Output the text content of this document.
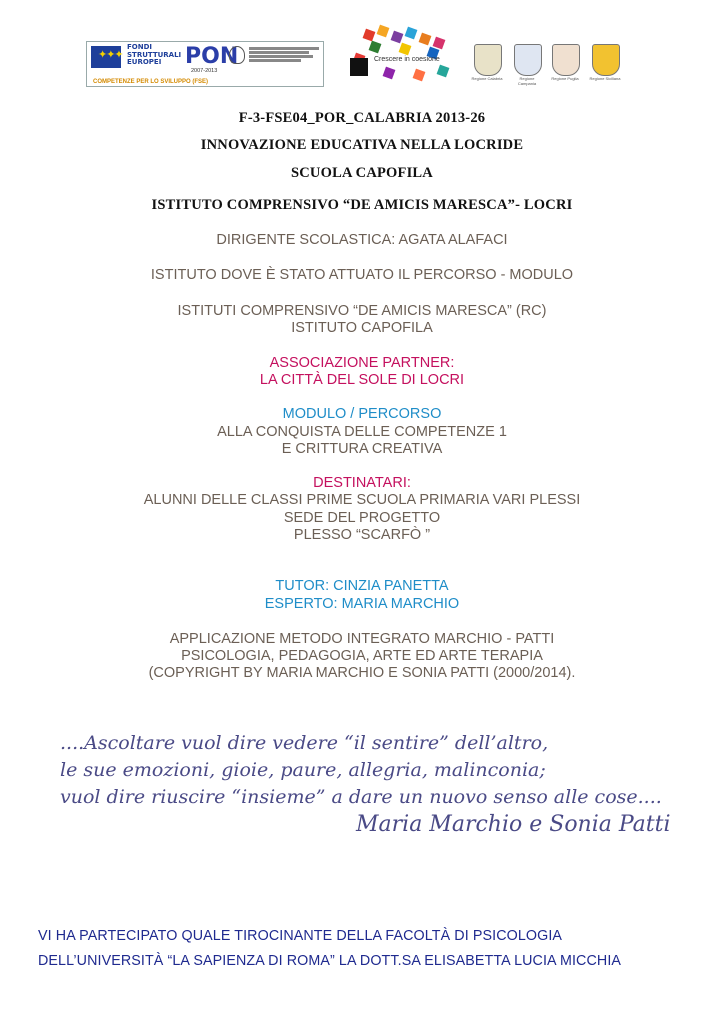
✦✦✦
FONDI
STRUTTURALI
EUROPEI	PON
2007-2013
COMPETENZE PER LO SVILUPPO (FSE)
Crescere in coesione
Regione Calabria	Regione Campania
Regione Puglia	Regione Siciliana
F-3-FSE04_POR_CALABRIA 2013-26
INNOVAZIONE EDUCATIVA NELLA LOCRIDE
SCUOLA CAPOFILA
ISTITUTO COMPRENSIVO “DE AMICIS MARESCA”- LOCRI
DIRIGENTE SCOLASTICA: AGATA ALAFACI
ISTITUTO DOVE È STATO ATTUATO IL PERCORSO - MODULO
ISTITUTI COMPRENSIVO “DE AMICIS MARESCA” (RC)
ISTITUTO CAPOFILA
ASSOCIAZIONE PARTNER:
LA CITTÀ DEL SOLE DI LOCRI
MODULO / PERCORSO
ALLA CONQUISTA DELLE COMPETENZE 1
E CRITTURA CREATIVA
DESTINATARI:
ALUNNI DELLE CLASSI PRIME SCUOLA PRIMARIA VARI PLESSI
SEDE DEL PROGETTO
PLESSO “SCARFÒ ”
TUTOR: CINZIA PANETTA
ESPERTO: MARIA MARCHIO
APPLICAZIONE METODO INTEGRATO MARCHIO - PATTI
PSICOLOGIA, PEDAGOGIA, ARTE ED ARTE TERAPIA
(COPYRIGHT BY MARIA MARCHIO E SONIA PATTI (2000/2014).
....Ascoltare vuol dire vedere “il sentire” dell’altro,
le sue emozioni, gioie, paure, allegria, malinconia;
vuol dire riuscire “insieme” a dare un nuovo senso alle cose....
Maria Marchio e Sonia Patti
VI HA PARTECIPATO QUALE TIROCINANTE DELLA FACOLTÀ DI PSICOLOGIA
DELL’UNIVERSITÀ “LA SAPIENZA DI ROMA” LA DOTT.SA ELISABETTA LUCIA MICCHIA
